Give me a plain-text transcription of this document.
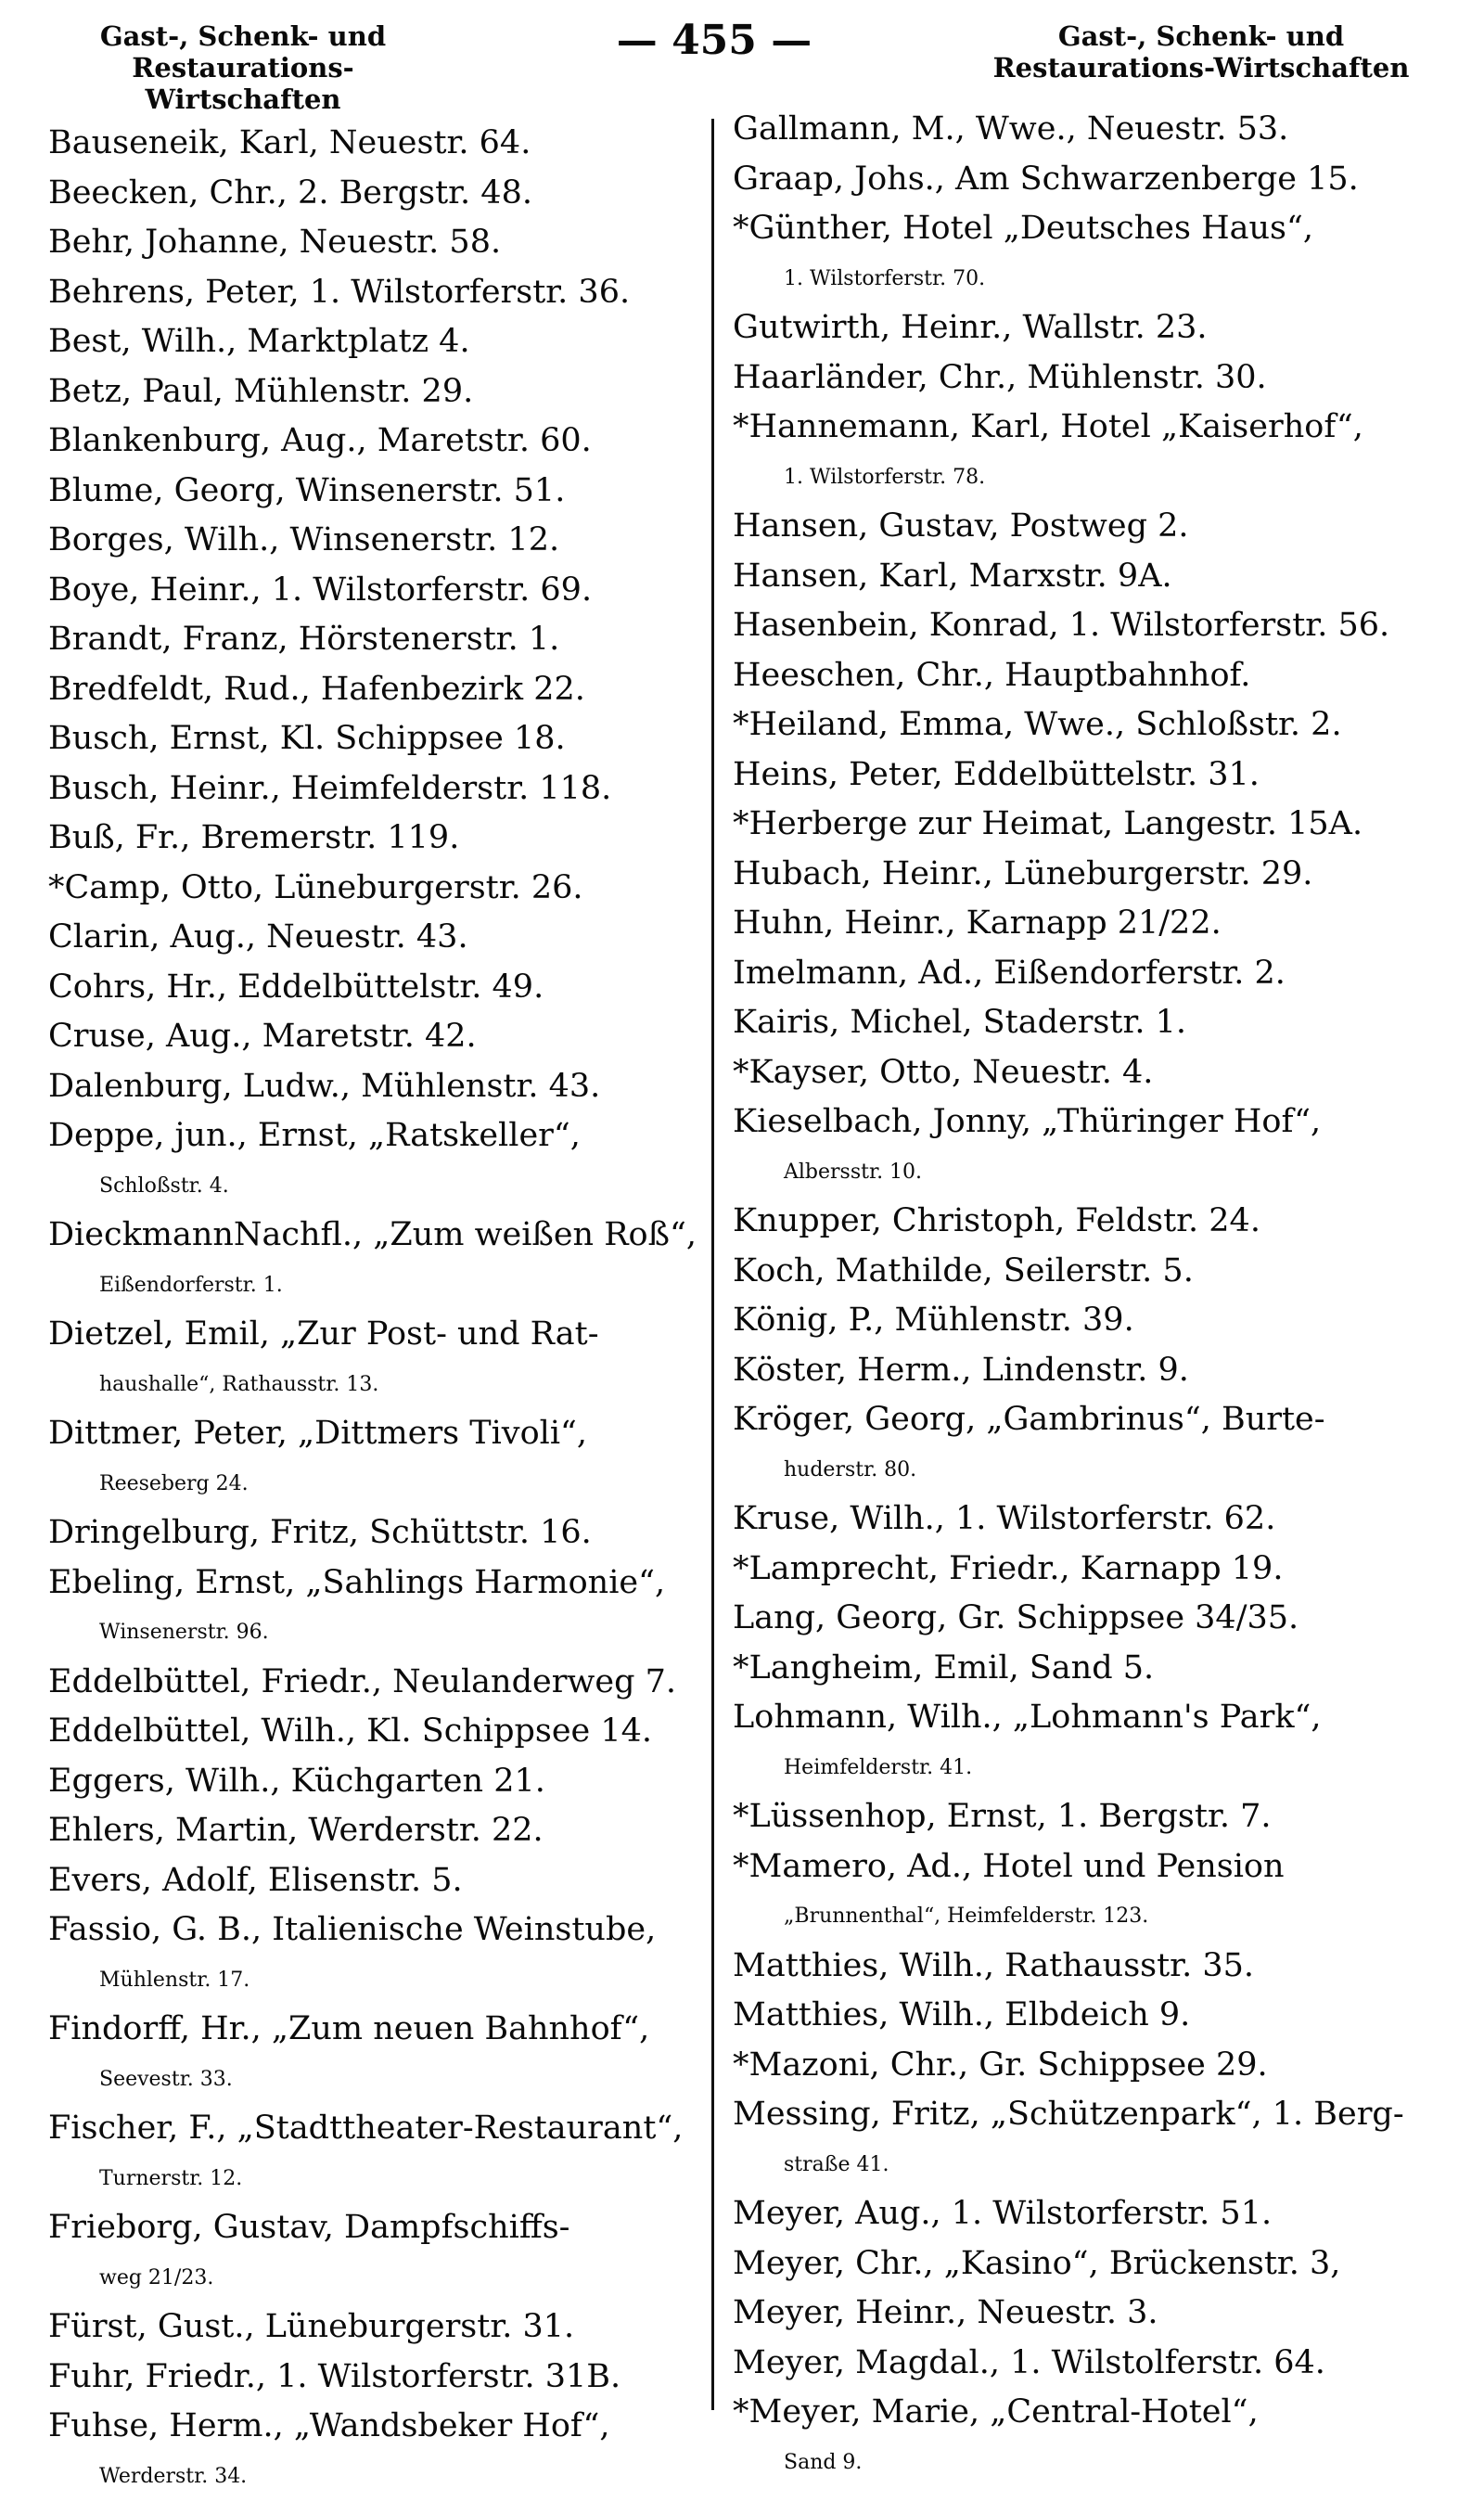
Gast-, Schenk- und
Restaurations-Wirtschaften
— 455 —	Gast-, Schenk- und
Restaurations-Wirtschaften
Bauseneik, Karl, Neuestr. 64.
Beecken, Chr., 2. Bergstr. 48.
Behr, Johanne, Neuestr. 58.
Behrens, Peter, 1. Wilstorferstr. 36.
Best, Wilh., Marktplatz 4.
Betz, Paul, Mühlenstr. 29.
Blankenburg, Aug., Maretstr. 60.
Blume, Georg, Winsenerstr. 51.
Borges, Wilh., Winsenerstr. 12.
Boye, Heinr., 1. Wilstorferstr. 69.
Brandt, Franz, Hörstenerstr. 1.
Bredfeldt, Rud., Hafenbezirk 22.
Busch, Ernst, Kl. Schippsee 18.
Busch, Heinr., Heimfelderstr. 118.
Buß, Fr., Bremerstr. 119.
*Camp, Otto, Lüneburgerstr. 26.
Clarin, Aug., Neuestr. 43.
Cohrs, Hr., Eddelbüttelstr. 49.
Cruse, Aug., Maretstr. 42.
Dalenburg, Ludw., Mühlenstr. 43.
Deppe, jun., Ernst, „Ratskeller“,
Schloßstr. 4.
DieckmannNachfl., „Zum weißen Roß“,
Eißendorferstr. 1.
Dietzel, Emil, „Zur Post- und Rat-
haushalle“, Rathausstr. 13.
Dittmer, Peter, „Dittmers Tivoli“,
Reeseberg 24.
Dringelburg, Fritz, Schüttstr. 16.
Ebeling, Ernst, „Sahlings Harmonie“,
Winsenerstr. 96.
Eddelbüttel, Friedr., Neulanderweg 7.
Eddelbüttel, Wilh., Kl. Schippsee 14.
Eggers, Wilh., Küchgarten 21.
Ehlers, Martin, Werderstr. 22.
Evers, Adolf, Elisenstr. 5.
Fassio, G. B., Italienische Weinstube,
Mühlenstr. 17.
Findorff, Hr., „Zum neuen Bahnhof“,
Seevestr. 33.
Fischer, F., „Stadttheater-Restaurant“,
Turnerstr. 12.
Frieborg, Gustav, Dampfschiffs-
weg 21/23.
Fürst, Gust., Lüneburgerstr. 31.
Fuhr, Friedr., 1. Wilstorferstr. 31B.
Fuhse, Herm., „Wandsbeker Hof“,
Werderstr. 34.
Gallmann, M., Wwe., Neuestr. 53.
Graap, Johs., Am Schwarzenberge 15.
*Günther, Hotel „Deutsches Haus“,
1. Wilstorferstr. 70.
Gutwirth, Heinr., Wallstr. 23.
Haarländer, Chr., Mühlenstr. 30.
*Hannemann, Karl, Hotel „Kaiserhof“,
1. Wilstorferstr. 78.
Hansen, Gustav, Postweg 2.
Hansen, Karl, Marxstr. 9A.
Hasenbein, Konrad, 1. Wilstorferstr. 56.
Heeschen, Chr., Hauptbahnhof.
*Heiland, Emma, Wwe., Schloßstr. 2.
Heins, Peter, Eddelbüttelstr. 31.
*Herberge zur Heimat, Langestr. 15A.
Hubach, Heinr., Lüneburgerstr. 29.
Huhn, Heinr., Karnapp 21/22.
Imelmann, Ad., Eißendorferstr. 2.
Kairis, Michel, Staderstr. 1.
*Kayser, Otto, Neuestr. 4.
Kieselbach, Jonny, „Thüringer Hof“,
Albersstr. 10.
Knupper, Christoph, Feldstr. 24.
Koch, Mathilde, Seilerstr. 5.
König, P., Mühlenstr. 39.
Köster, Herm., Lindenstr. 9.
Kröger, Georg, „Gambrinus“, Burte-
huderstr. 80.
Kruse, Wilh., 1. Wilstorferstr. 62.
*Lamprecht, Friedr., Karnapp 19.
Lang, Georg, Gr. Schippsee 34/35.
*Langheim, Emil, Sand 5.
Lohmann, Wilh., „Lohmann's Park“,
Heimfelderstr. 41.
*Lüssenhop, Ernst, 1. Bergstr. 7.
*Mamero, Ad., Hotel und Pension
„Brunnenthal“, Heimfelderstr. 123.
Matthies, Wilh., Rathausstr. 35.
Matthies, Wilh., Elbdeich 9.
*Mazoni, Chr., Gr. Schippsee 29.
Messing, Fritz, „Schützenpark“, 1. Berg-
straße 41.
Meyer, Aug., 1. Wilstorferstr. 51.
Meyer, Chr., „Kasino“, Brückenstr. 3,
Meyer, Heinr., Neuestr. 3.
Meyer, Magdal., 1. Wilstolferstr. 64.
*Meyer, Marie, „Central-Hotel“,
Sand 9.
